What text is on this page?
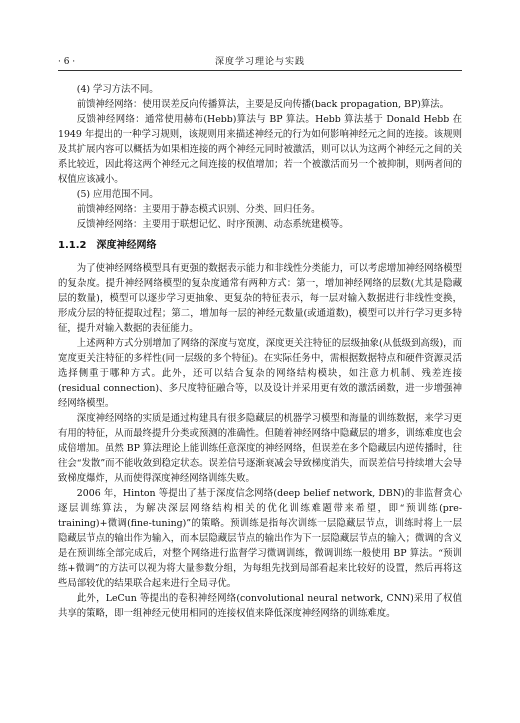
· 6 ·	深度学习理论与实践

(4) 学习方法不同。

前馈神经网络：使用误差反向传播算法，主要是反向传播(back propagation, BP)算法。

反馈神经网络：通常使用赫布(Hebb)算法与 BP 算法。Hebb 算法基于 Donald Hebb 在 1949 年提出的一种学习规则，该规则用来描述神经元的行为如何影响神经元之间的连接。该规则及其扩展内容可以概括为如果相连接的两个神经元同时被激活，则可以认为这两个神经元之间的关系比较近，因此将这两个神经元之间连接的权值增加；若一个被激活而另一个被抑制，则两者间的权值应该减小。

(5) 应用范围不同。

前馈神经网络：主要用于静态模式识别、分类、回归任务。

反馈神经网络：主要用于联想记忆、时序预测、动态系统建模等。

1.1.2 深度神经网络

为了使神经网络模型具有更强的数据表示能力和非线性分类能力，可以考虑增加神经网络模型的复杂度。提升神经网络模型的复杂度通常有两种方式：第一，增加神经网络的层数(尤其是隐藏层的数量)，模型可以逐步学习更抽象、更复杂的特征表示，每一层对输入数据进行非线性变换，形成分层的特征提取过程；第二，增加每一层的神经元数量(或通道数)，模型可以并行学习更多特征，提升对输入数据的表征能力。

上述两种方式分别增加了网络的深度与宽度，深度更关注特征的层级抽象(从低级到高级)，而宽度更关注特征的多样性(同一层级的多个特征)。在实际任务中，需根据数据特点和硬件资源灵活选择侧重于哪种方式。此外，还可以结合复杂的网络结构模块，如注意力机制、残差连接(residual connection)、多尺度特征融合等，以及设计并采用更有效的激活函数，进一步增强神经网络模型。

深度神经网络的实质是通过构建具有很多隐藏层的机器学习模型和海量的训练数据，来学习更有用的特征，从而最终提升分类或预测的准确性。但随着神经网络中隐藏层的增多，训练难度也会成倍增加。虽然 BP 算法理论上能训练任意深度的神经网络，但误差在多个隐藏层内逆传播时，往往会“发散”而不能收敛到稳定状态。误差信号逐渐衰减会导致梯度消失，而误差信号持续增大会导致梯度爆炸，从而使得深度神经网络训练失败。

2006 年，Hinton 等提出了基于深度信念网络(deep belief network, DBN)的非监督贪心逐层训练算法，为解决深层网络结构相关的优化训练难题带来希望，即“预训练(pre-training)+微调(fine-tuning)”的策略。预训练是指每次训练一层隐藏层节点，训练时将上一层隐藏层节点的输出作为输入，而本层隐藏层节点的输出作为下一层隐藏层节点的输入；微调的含义是在预训练全部完成后，对整个网络进行监督学习微调训练，微调训练一般使用 BP 算法。“预训练+微调”的方法可以视为将大量参数分组，为每组先找到局部看起来比较好的设置，然后再将这些局部较优的结果联合起来进行全局寻优。

此外，LeCun 等提出的卷积神经网络(convolutional neural network, CNN)采用了权值共享的策略，即一组神经元使用相同的连接权值来降低深度神经网络的训练难度。
